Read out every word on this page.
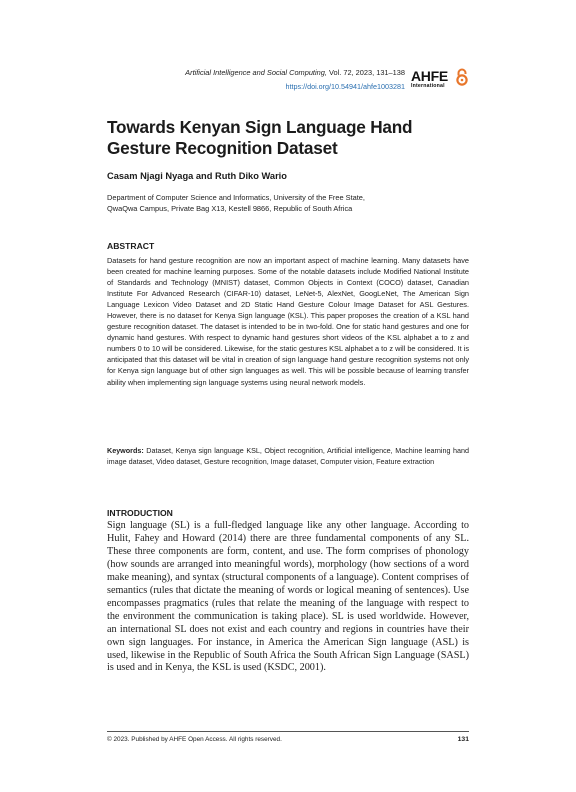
Artificial Intelligence and Social Computing, Vol. 72, 2023, 131–138
https://doi.org/10.54941/ahfe1003281
AHFE
International
Towards Kenyan Sign Language Hand Gesture Recognition Dataset
Casam Njagi Nyaga and Ruth Diko Wario
Department of Computer Science and Informatics, University of the Free State,
QwaQwa Campus, Private Bag X13, Kestell 9866, Republic of South Africa
ABSTRACT
Datasets for hand gesture recognition are now an important aspect of machine learning. Many datasets have been created for machine learning purposes. Some of the notable datasets include Modified National Institute of Standards and Technology (MNIST) dataset, Common Objects in Context (COCO) dataset, Canadian Institute For Advanced Research (CIFAR-10) dataset, LeNet-5, AlexNet, GoogLeNet, The American Sign Language Lexicon Video Dataset and 2D Static Hand Gesture Colour Image Dataset for ASL Gestures. However, there is no dataset for Kenya Sign language (KSL). This paper proposes the creation of a KSL hand gesture recognition dataset. The dataset is intended to be in two-fold. One for static hand gestures and one for dynamic hand gestures. With respect to dynamic hand gestures short videos of the KSL alphabet a to z and numbers 0 to 10 will be considered. Likewise, for the static gestures KSL alphabet a to z will be considered. It is anticipated that this dataset will be vital in creation of sign language hand gesture recognition systems not only for Kenya sign language but of other sign languages as well. This will be possible because of learning transfer ability when implementing sign language systems using neural network models.
Keywords: Dataset, Kenya sign language KSL, Object recognition, Artificial intelligence, Machine learning hand image dataset, Video dataset, Gesture recognition, Image dataset, Computer vision, Feature extraction
INTRODUCTION
Sign language (SL) is a full-fledged language like any other language. According to Hulit, Fahey and Howard (2014) there are three fundamental components of any SL. These three components are form, content, and use. The form comprises of phonology (how sounds are arranged into meaningful words), morphology (how sections of a word make meaning), and syntax (structural components of a language). Content comprises of semantics (rules that dictate the meaning of words or logical meaning of sentences). Use encompasses pragmatics (rules that relate the meaning of the language with respect to the environment the communication is taking place). SL is used worldwide. However, an international SL does not exist and each country and regions in countries have their own sign languages. For instance, in America the American Sign language (ASL) is used, likewise in the Republic of South Africa the South African Sign Language (SASL) is used and in Kenya, the KSL is used (KSDC, 2001).
© 2023. Published by AHFE Open Access. All rights reserved.	131
